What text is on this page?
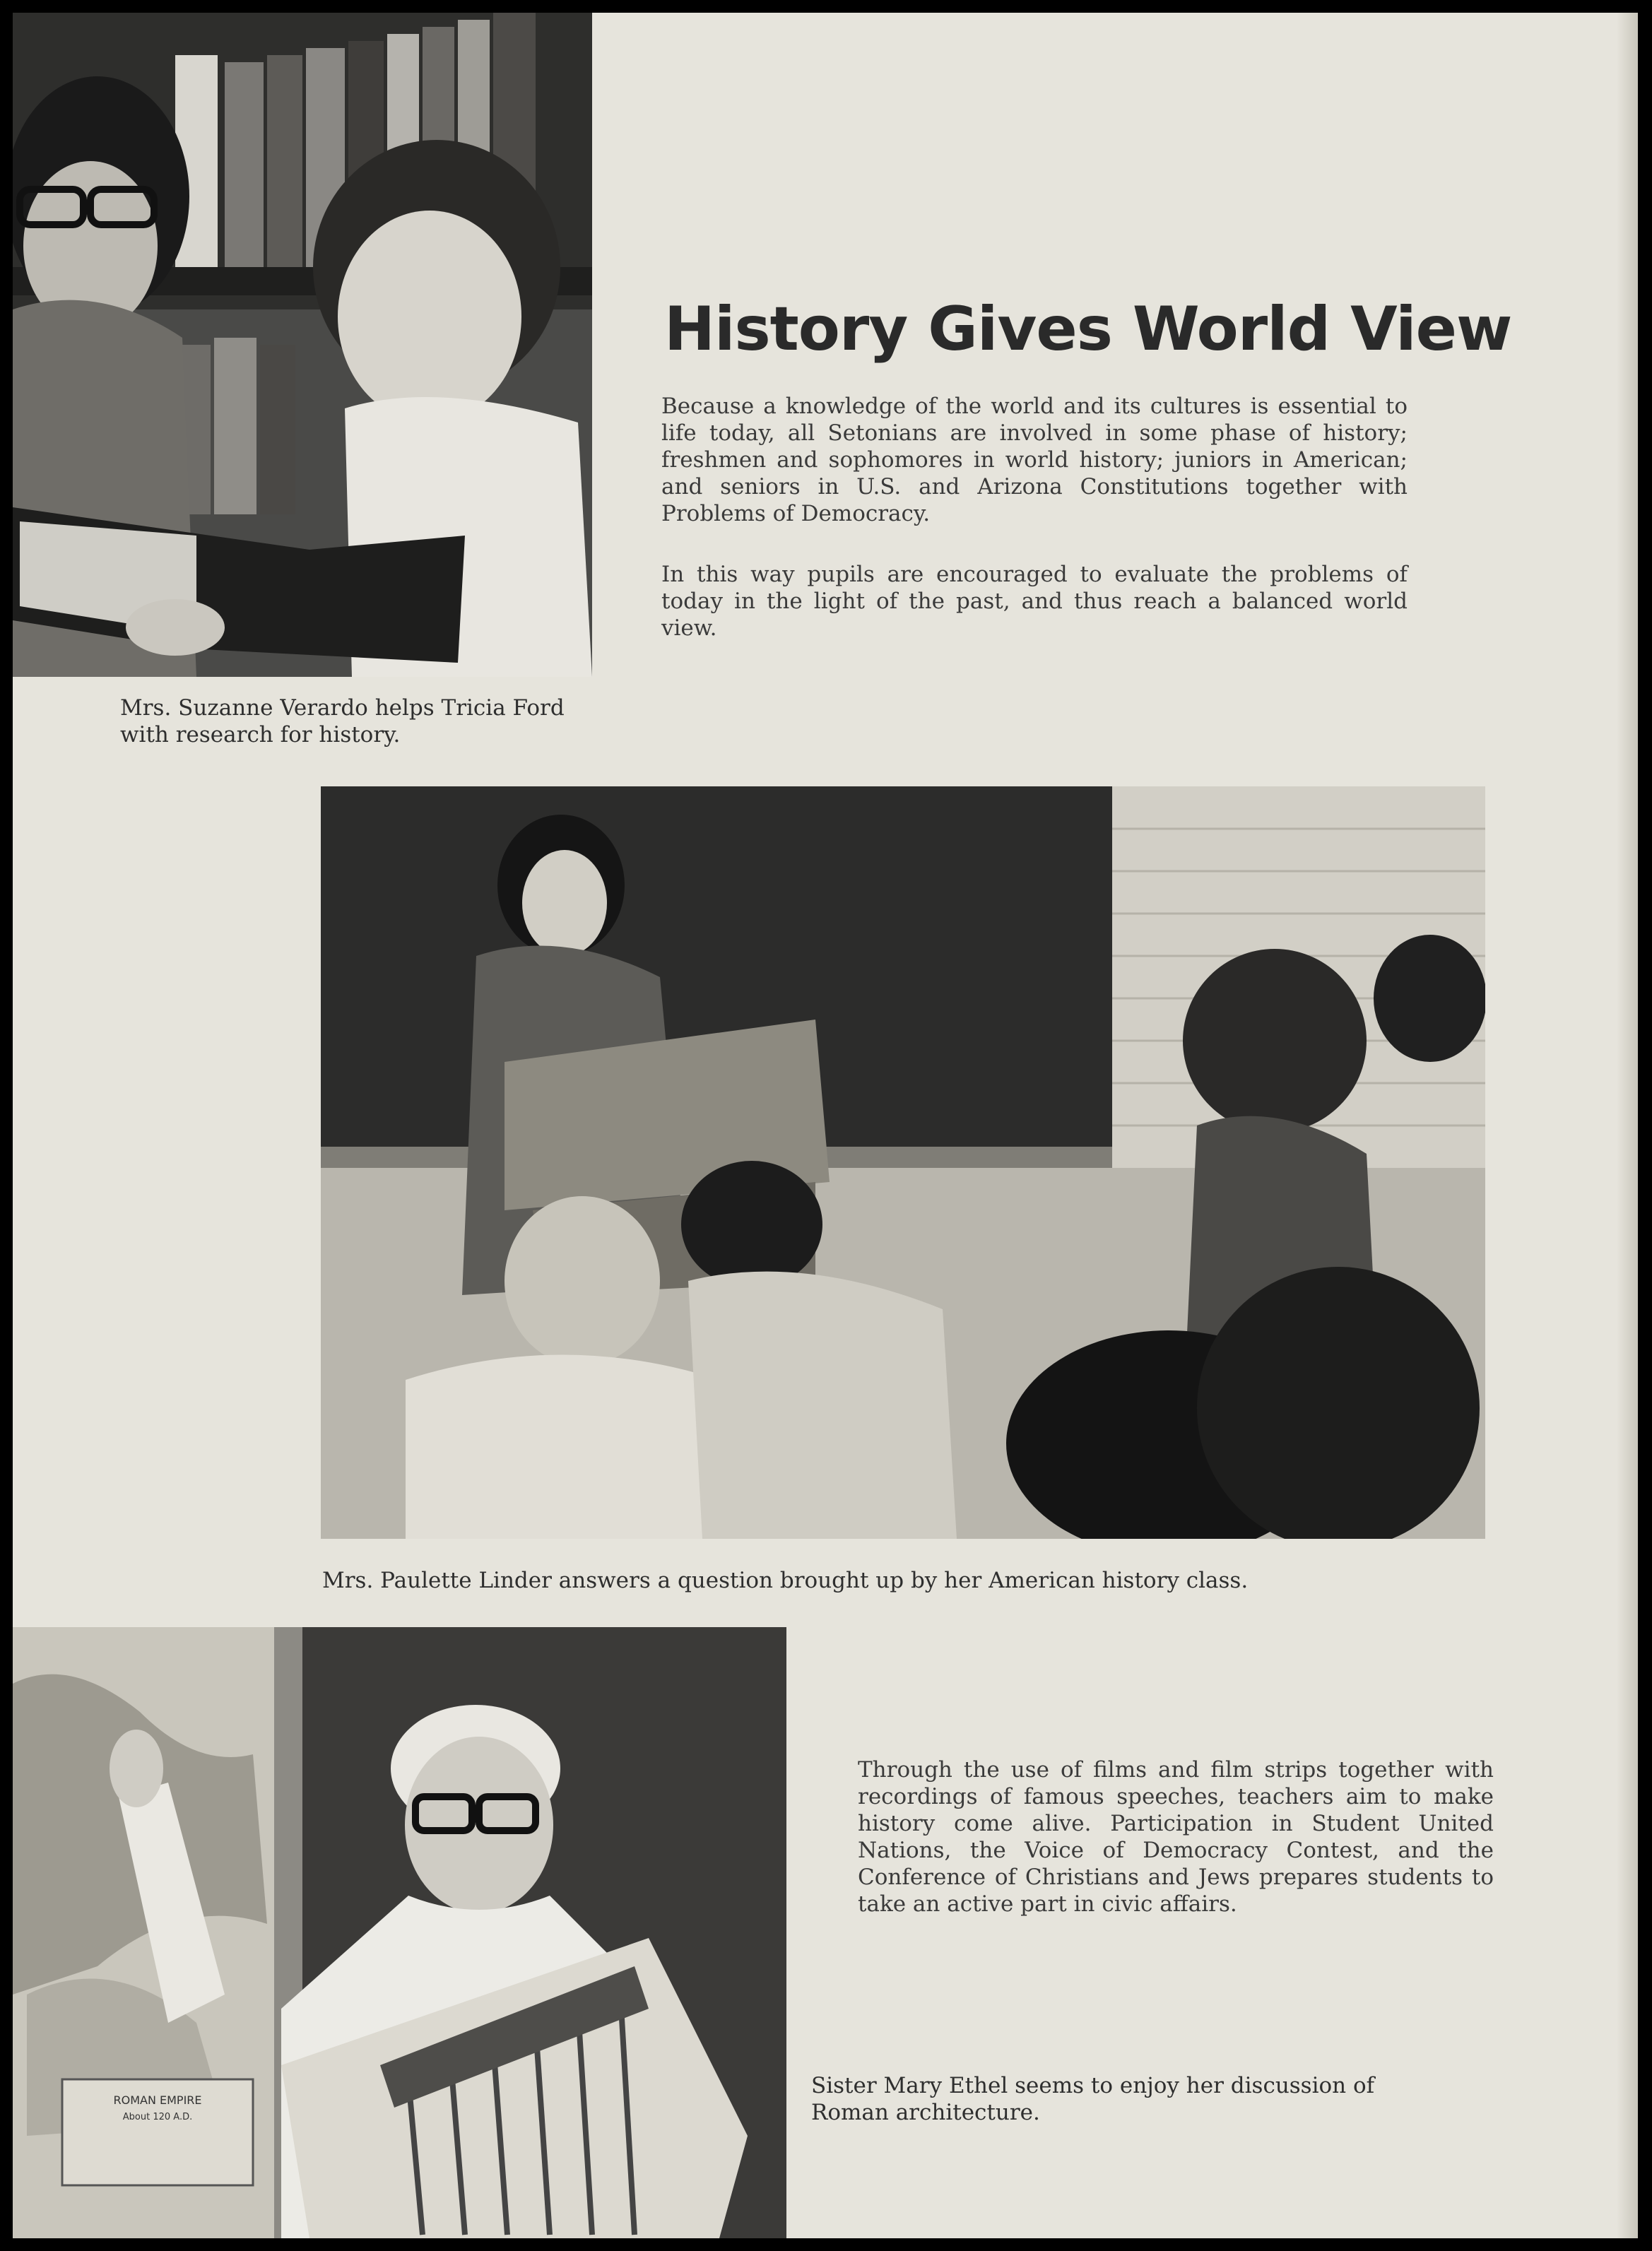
History Gives World View
Because a knowledge of the world and its cultures is essential to life today, all Setonians are involved in some phase of history; freshmen and sophomores in world history; juniors in American; and seniors in U.S. and Arizona Constitutions together with Problems of Democracy.
In this way pupils are encouraged to evaluate the problems of today in the light of the past, and thus reach a balanced world view.
Mrs. Suzanne Verardo helps Tricia Ford with research for history.
Mrs. Paulette Linder answers a question brought up by her American history class.
ROMAN EMPIRE
About 120 A.D.
Through the use of films and film strips together with recordings of famous speeches, teachers aim to make history come alive. Participation in Student United Nations, the Voice of Democracy Contest, and the Conference of Christians and Jews prepares students to take an active part in civic affairs.
Sister Mary Ethel seems to enjoy her discussion of Roman architecture.
